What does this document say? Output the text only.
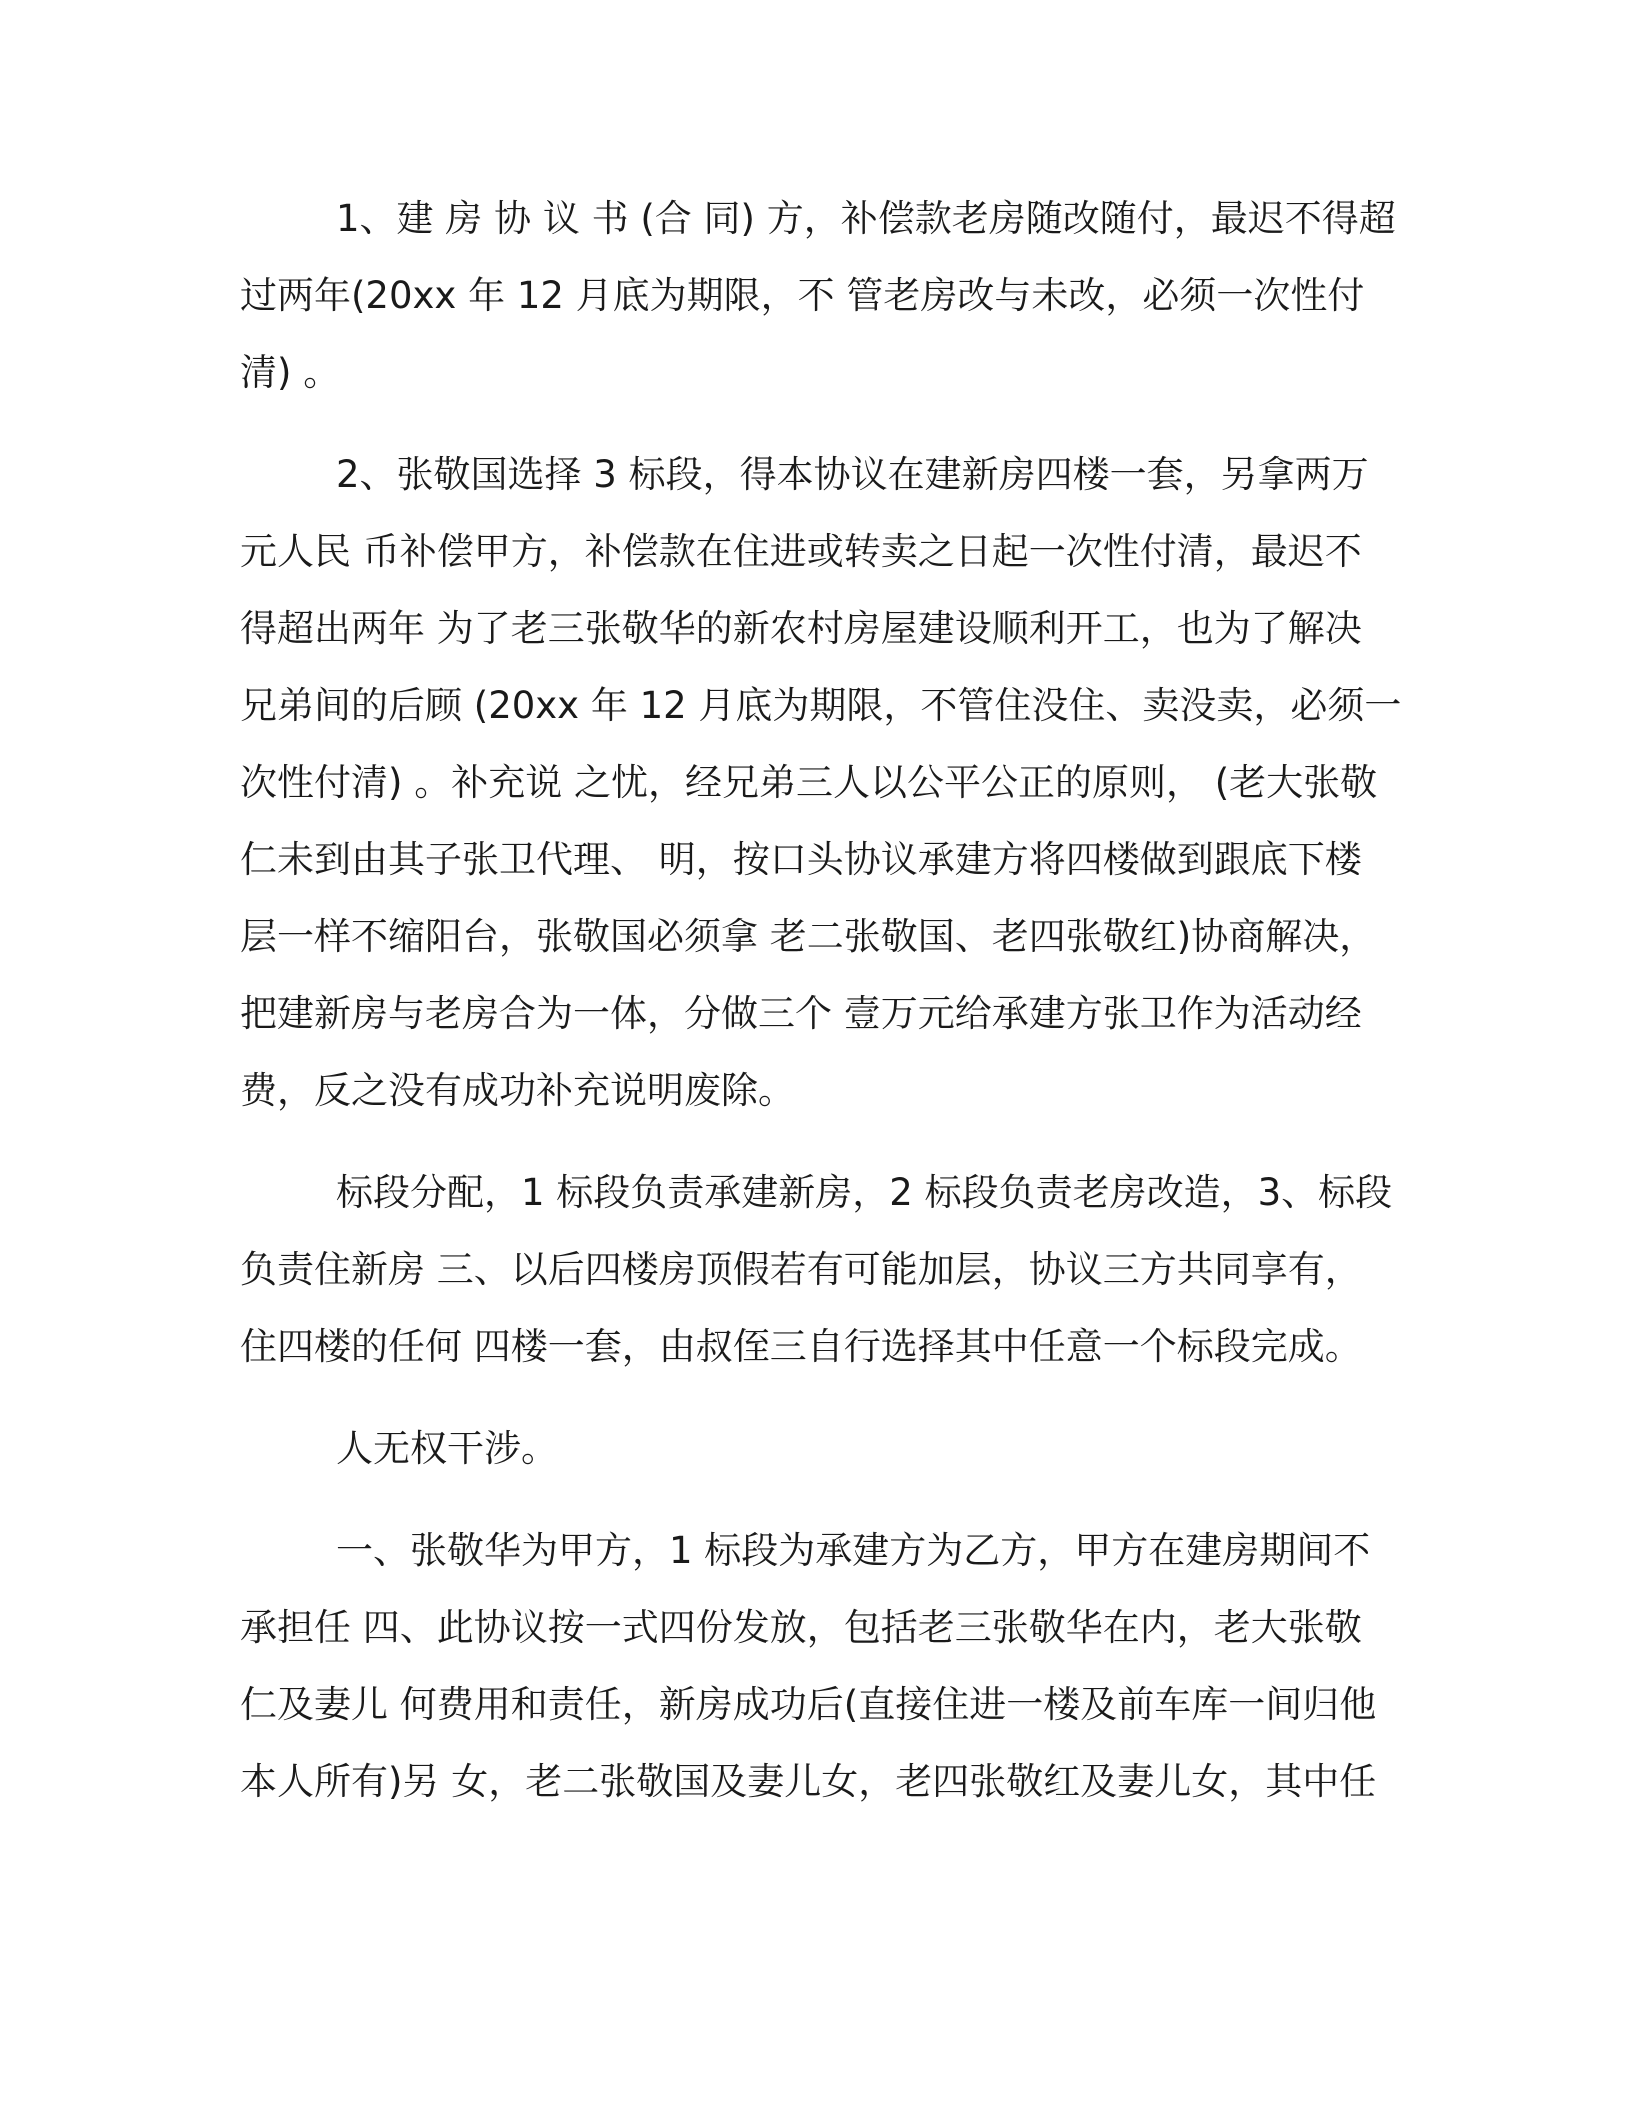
1、建 房 协 议 书 (合 同) 方，补偿款老房随改随付，最迟不得超
过两年(20xx 年 12 月底为期限，不 管老房改与未改，必须一次性付
清) 。
2、张敬国选择 3 标段，得本协议在建新房四楼一套，另拿两万
元人民 币补偿甲方，补偿款在住进或转卖之日起一次性付清，最迟不
得超出两年 为了老三张敬华的新农村房屋建设顺利开工，也为了解决
兄弟间的后顾 (20xx 年 12 月底为期限，不管住没住、卖没卖，必须一
次性付清) 。补充说 之忧，经兄弟三人以公平公正的原则， (老大张敬
仁未到由其子张卫代理、 明，按口头协议承建方将四楼做到跟底下楼
层一样不缩阳台，张敬国必须拿 老二张敬国、老四张敬红)协商解决，
把建新房与老房合为一体，分做三个 壹万元给承建方张卫作为活动经
费，反之没有成功补充说明废除。
标段分配，1 标段负责承建新房，2 标段负责老房改造，3、标段
负责住新房 三、以后四楼房顶假若有可能加层，协议三方共同享有，
住四楼的任何 四楼一套，由叔侄三自行选择其中任意一个标段完成。
人无权干涉。
一、张敬华为甲方，1 标段为承建方为乙方，甲方在建房期间不
承担任 四、此协议按一式四份发放，包括老三张敬华在内，老大张敬
仁及妻儿 何费用和责任，新房成功后(直接住进一楼及前车库一间归他
本人所有)另 女，老二张敬国及妻儿女，老四张敬红及妻儿女，其中任
